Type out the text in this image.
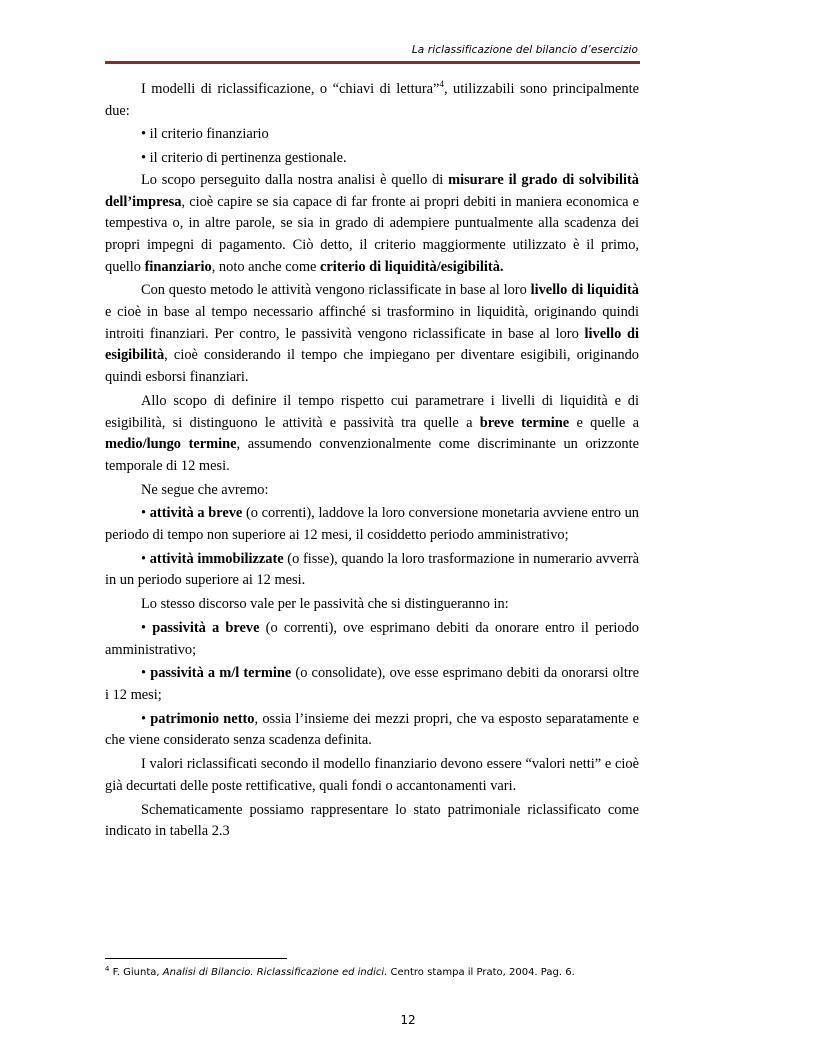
La riclassificazione del bilancio d’esercizio

I modelli di riclassificazione, o “chiavi di lettura”$^4$, utilizzabili sono principalmente due:

• il criterio finanziario

• il criterio di pertinenza gestionale.

Lo scopo perseguito dalla nostra analisi è quello di misurare il grado di solvibilità dell’impresa, cioè capire se sia capace di far fronte ai propri debiti in maniera economica e tempestiva o, in altre parole, se sia in grado di adempiere puntualmente alla scadenza dei propri impegni di pagamento. Ciò detto, il criterio maggiormente utilizzato è il primo, quello finanziario, noto anche come criterio di liquidità/esigibilità.

Con questo metodo le attività vengono riclassificate in base al loro livello di liquidità e cioè in base al tempo necessario affinché si trasformino in liquidità, originando quindi introiti finanziari. Per contro, le passività vengono riclassificate in base al loro livello di esigibilità, cioè considerando il tempo che impiegano per diventare esigibili, originando quindi esborsi finanziari.

Allo scopo di definire il tempo rispetto cui parametrare i livelli di liquidità e di esigibilità, si distinguono le attività e passività tra quelle a breve termine e quelle a medio/lungo termine, assumendo convenzionalmente come discriminante un orizzonte temporale di 12 mesi.

Ne segue che avremo:

• attività a breve (o correnti), laddove la loro conversione monetaria avviene entro un periodo di tempo non superiore ai 12 mesi, il cosiddetto periodo amministrativo;

• attività immobilizzate (o fisse), quando la loro trasformazione in numerario avverrà in un periodo superiore ai 12 mesi.

Lo stesso discorso vale per le passività che si distingueranno in:

• passività a breve (o correnti), ove esprimano debiti da onorare entro il periodo amministrativo;

• passività a m/l termine (o consolidate), ove esse esprimano debiti da onorarsi oltre i 12 mesi;

• patrimonio netto, ossia l’insieme dei mezzi propri, che va esposto separatamente e che viene considerato senza scadenza definita.

I valori riclassificati secondo il modello finanziario devono essere “valori netti” e cioè già decurtati delle poste rettificative, quali fondi o accantonamenti vari.

Schematicamente possiamo rappresentare lo stato patrimoniale riclassificato come indicato in tabella 2.3

$^4$ F. Giunta, Analisi di Bilancio. Riclassificazione ed indici. Centro stampa il Prato, 2004. Pag. 6.
12
